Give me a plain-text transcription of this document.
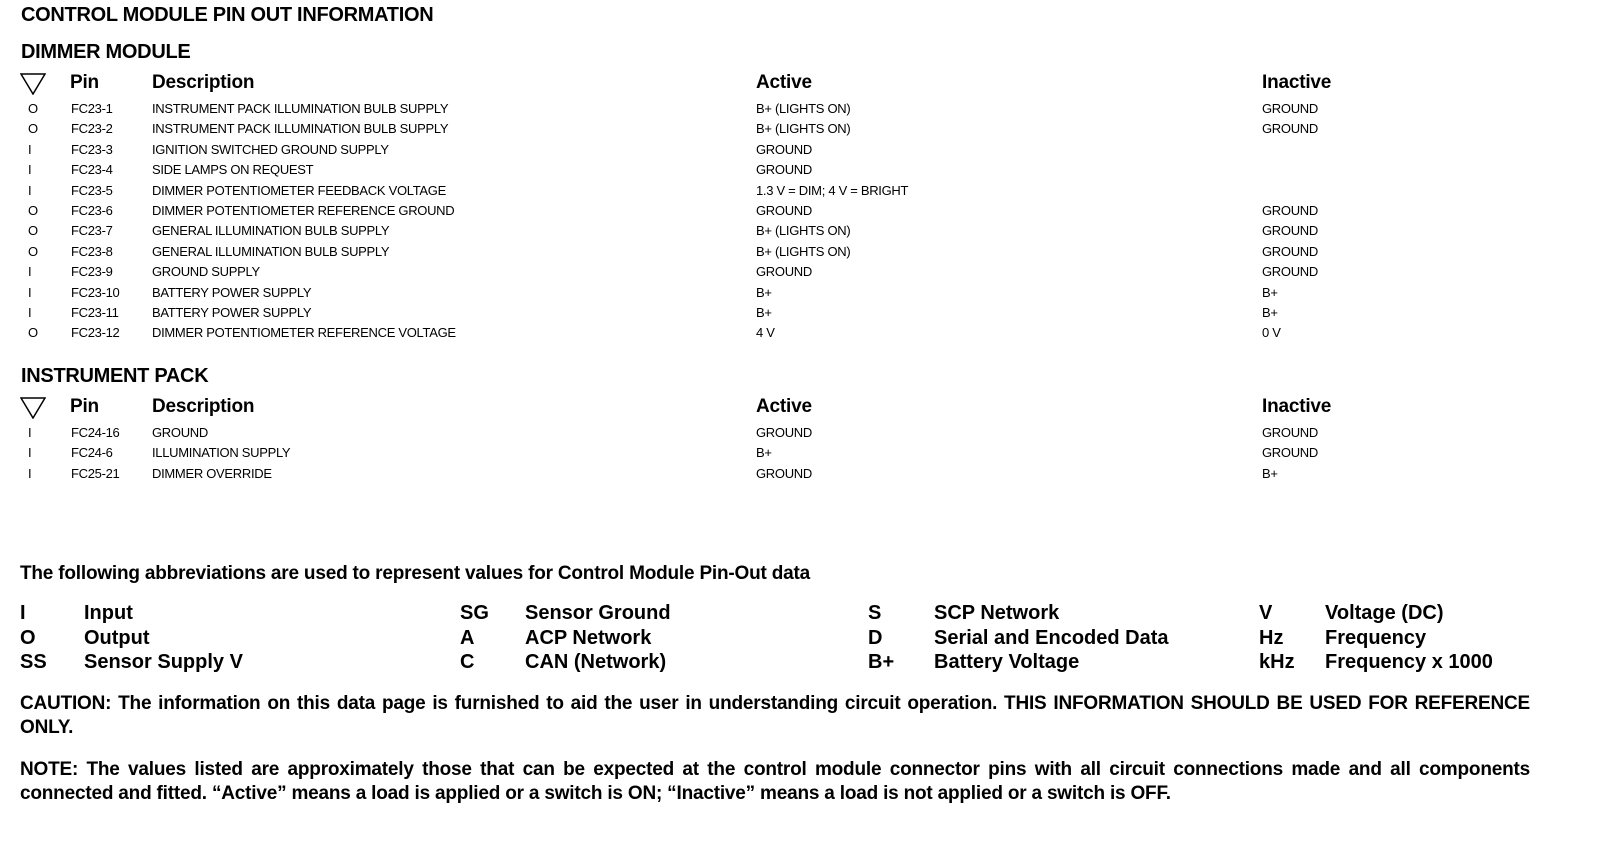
CONTROL MODULE PIN OUT INFORMATION
DIMMER MODULE
Pin	Description	Active	Inactive
O	FC23-1	INSTRUMENT PACK ILLUMINATION BULB SUPPLY	B+ (LIGHTS ON)	GROUND
O	FC23-2	INSTRUMENT PACK ILLUMINATION BULB SUPPLY	B+ (LIGHTS ON)	GROUND
I	FC23-3	IGNITION SWITCHED GROUND SUPPLY	GROUND
I	FC23-4	SIDE LAMPS ON REQUEST	GROUND
I	FC23-5	DIMMER POTENTIOMETER FEEDBACK VOLTAGE	1.3 V = DIM; 4 V = BRIGHT
O	FC23-6	DIMMER POTENTIOMETER REFERENCE GROUND	GROUND	GROUND
O	FC23-7	GENERAL ILLUMINATION BULB SUPPLY	B+ (LIGHTS ON)	GROUND
O	FC23-8	GENERAL ILLUMINATION BULB SUPPLY	B+ (LIGHTS ON)	GROUND
I	FC23-9	GROUND SUPPLY	GROUND	GROUND
I	FC23-10	BATTERY POWER SUPPLY	B+	B+
I	FC23-11	BATTERY POWER SUPPLY	B+	B+
O	FC23-12	DIMMER POTENTIOMETER REFERENCE VOLTAGE	4 V	0 V
INSTRUMENT PACK
Pin	Description	Active	Inactive
I	FC24-16	GROUND	GROUND	GROUND
I	FC24-6	ILLUMINATION SUPPLY	B+	GROUND
I	FC25-21	DIMMER OVERRIDE	GROUND	B+
The following abbreviations are used to represent values for Control Module Pin-Out data
I	Input
O Output
SS Sensor Supply V
SG Sensor Ground
A	ACP Network
C	CAN (Network)
S	SCP Network
D	Serial and Encoded Data
B+ Battery Voltage
V	Voltage (DC)
Hz Frequency
kHz Frequency x 1000
CAUTION: The information on this data page is furnished to aid the user in understanding circuit operation. THIS INFORMATION SHOULD BE USED FOR REFERENCE ONLY.
NOTE: The values listed are approximately those that can be expected at the control module connector pins with all circuit connections made and all components connected and fitted. “Active” means a load is applied or a switch is ON; “Inactive” means a load is not applied or a switch is OFF.
